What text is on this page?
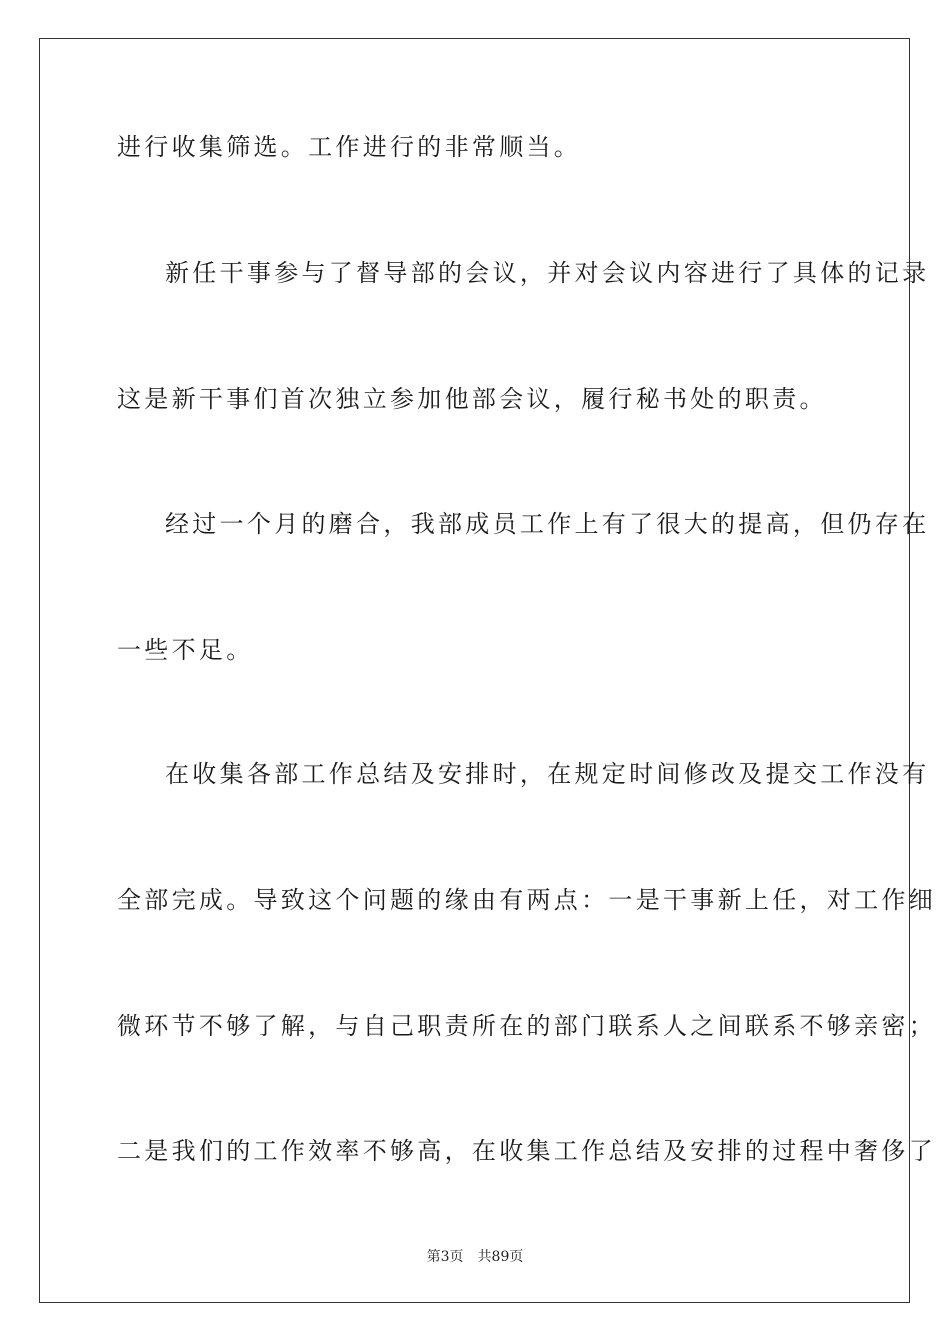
进行收集筛选。工作进行的非常顺当。
新任干事参与了督导部的会议，并对会议内容进行了具体的记录
这是新干事们首次独立参加他部会议，履行秘书处的职责。
经过一个月的磨合，我部成员工作上有了很大的提高，但仍存在
一些不足。
在收集各部工作总结及安排时，在规定时间修改及提交工作没有
全部完成。导致这个问题的缘由有两点：一是干事新上任，对工作细
微环节不够了解，与自己职责所在的部门联系人之间联系不够亲密；
二是我们的工作效率不够高，在收集工作总结及安排的过程中奢侈了
第3页 共89页
